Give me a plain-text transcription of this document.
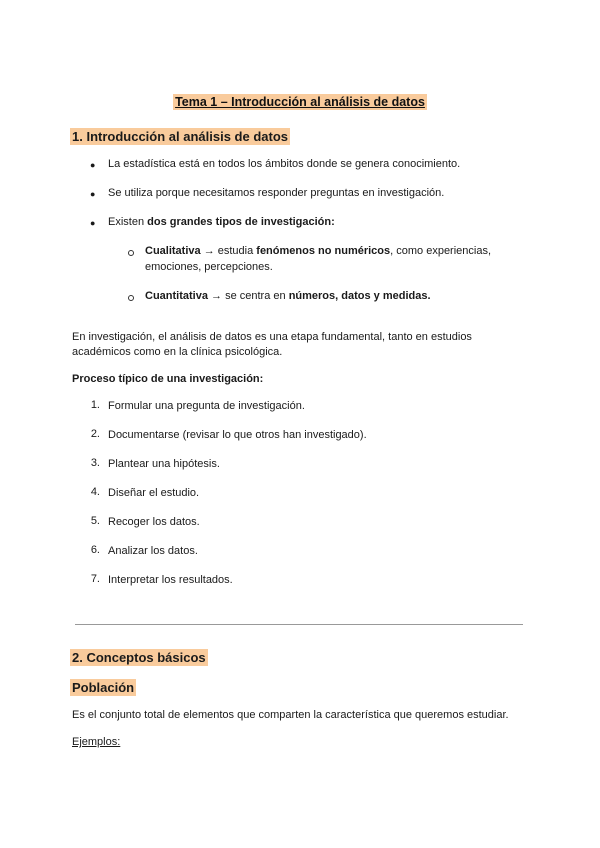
Tema 1 – Introducción al análisis de datos
1. Introducción al análisis de datos
● La estadística está en todos los ámbitos donde se genera conocimiento.
● Se utiliza porque necesitamos responder preguntas en investigación.
● Existen dos grandes tipos de investigación:
Cualitativa → estudia fenómenos no numéricos, como experiencias,
emociones, percepciones.
Cuantitativa → se centra en números, datos y medidas.
En investigación, el análisis de datos es una etapa fundamental, tanto en estudios
académicos como en la clínica psicológica.
Proceso típico de una investigación:
1. Formular una pregunta de investigación.
2. Documentarse (revisar lo que otros han investigado).
3. Plantear una hipótesis.
4. Diseñar el estudio.
5. Recoger los datos.
6. Analizar los datos.
7. Interpretar los resultados.
2. Conceptos básicos
Población
Es el conjunto total de elementos que comparten la característica que queremos estudiar.
Ejemplos:
